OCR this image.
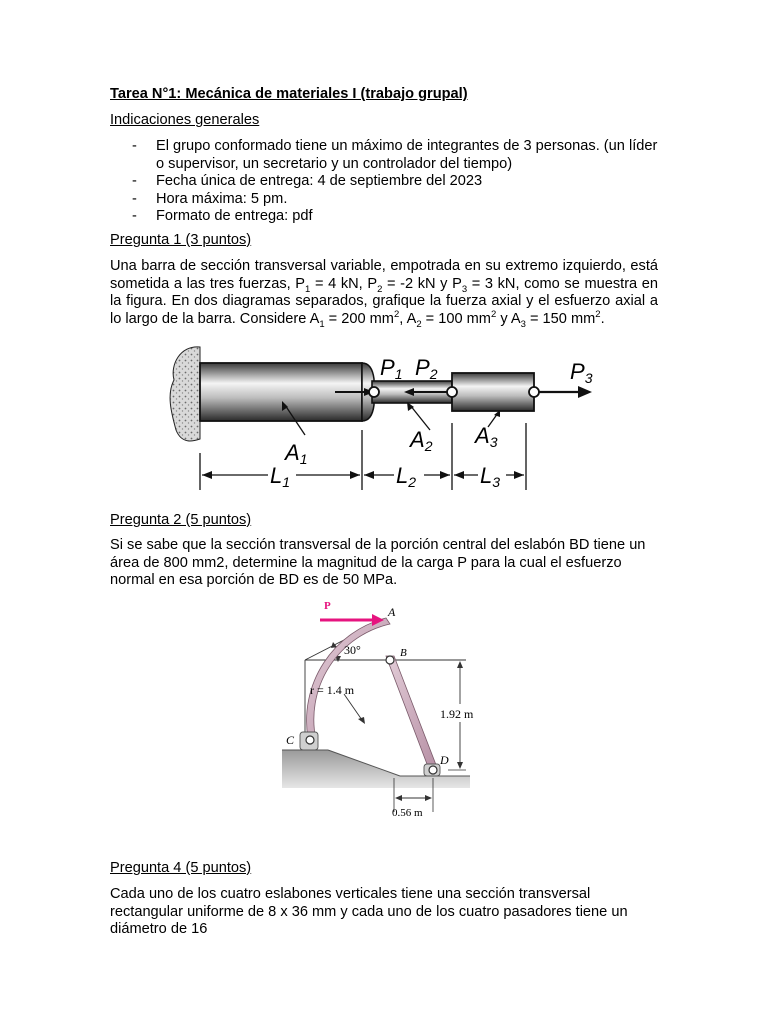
Tarea N°1: Mecánica de materiales I (trabajo grupal)
Indicaciones generales
- El grupo conformado tiene un máximo de integrantes de 3 personas. (un líder o supervisor, un secretario y un controlador del tiempo)
- Fecha única de entrega: 4 de septiembre del 2023
- Hora máxima: 5 pm.
- Formato de entrega: pdf
Pregunta 1 (3 puntos)
Una barra de sección transversal variable, empotrada en su extremo izquierdo, está sometida a las tres fuerzas, $P_1 = 4$ kN, $P_2 = -2$ kN y $P_3 = 3$ kN, como se muestra en la figura. En dos diagramas separados, grafique la fuerza axial y el esfuerzo axial a lo largo de la barra. Considere $A_1 = 200$ $mm^2$, $A_2 = 100$ $mm^2$ y $A_3 = 150$ $mm^2$.
P1 P2	P3
A1
A2 A3
L1	L2	L3
Pregunta 2 (5 puntos)
Si se sabe que la sección transversal de la porción central del eslabón BD tiene un área de 800 mm2, determine la magnitud de la carga P para la cual el esfuerzo normal en esa porción de BD es de 50 MPa.
P	A
B
C
D
30°
r = 1.4 m
1.92 m
0.56 m
Pregunta 4 (5 puntos)
Cada uno de los cuatro eslabones verticales tiene una sección transversal rectangular uniforme de 8 x 36 mm y cada uno de los cuatro pasadores tiene un diámetro de 16
